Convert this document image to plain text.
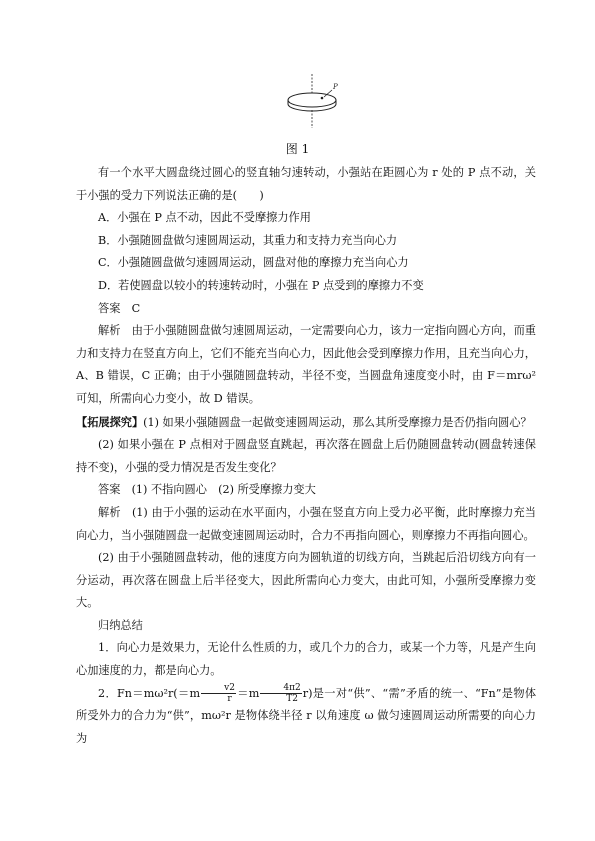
P
图 1

有一个水平大圆盘绕过圆心的竖直轴匀速转动，小强站在距圆心为 r 处的 P 点不动，关于小强的受力下列说法正确的是(　　)

A．小强在 P 点不动，因此不受摩擦力作用

B．小强随圆盘做匀速圆周运动，其重力和支持力充当向心力

C．小强随圆盘做匀速圆周运动，圆盘对他的摩擦力充当向心力

D．若使圆盘以较小的转速转动时，小强在 P 点受到的摩擦力不变

答案　C

解析　由于小强随圆盘做匀速圆周运动，一定需要向心力，该力一定指向圆心方向，而重力和支持力在竖直方向上，它们不能充当向心力，因此他会受到摩擦力作用，且充当向心力，A、B 错误，C 正确；由于小强随圆盘转动，半径不变，当圆盘角速度变小时，由 F＝mrω²可知，所需向心力变小，故 D 错误。

【拓展探究】(1) 如果小强随圆盘一起做变速圆周运动，那么其所受摩擦力是否仍指向圆心？

(2) 如果小强在 P 点相对于圆盘竖直跳起，再次落在圆盘上后仍随圆盘转动(圆盘转速保持不变)，小强的受力情况是否发生变化？

答案　(1) 不指向圆心　(2) 所受摩擦力变大

解析　(1) 由于小强的运动在水平面内，小强在竖直方向上受力必平衡，此时摩擦力充当向心力，当小强随圆盘一起做变速圆周运动时，合力不再指向圆心，则摩擦力不再指向圆心。

(2) 由于小强随圆盘转动，他的速度方向为圆轨道的切线方向，当跳起后沿切线方向有一分运动，再次落在圆盘上后半径变大，因此所需向心力变大，由此可知，小强所受摩擦力变大。

归纳总结

1．向心力是效果力，无论什么性质的力，或几个力的合力，或某一个力等，凡是产生向心加速度的力，都是向心力。

2．$Fn=m\omega^2r(=m \frac{v2}{r} =m \frac{4\pi 2}{T2} r)$是一对“供”、“需”矛盾的统一、“Fn”是物体所受外力的合力为“供”，mω²r 是物体绕半径 r 以角速度 ω 做匀速圆周运动所需要的向心力为
